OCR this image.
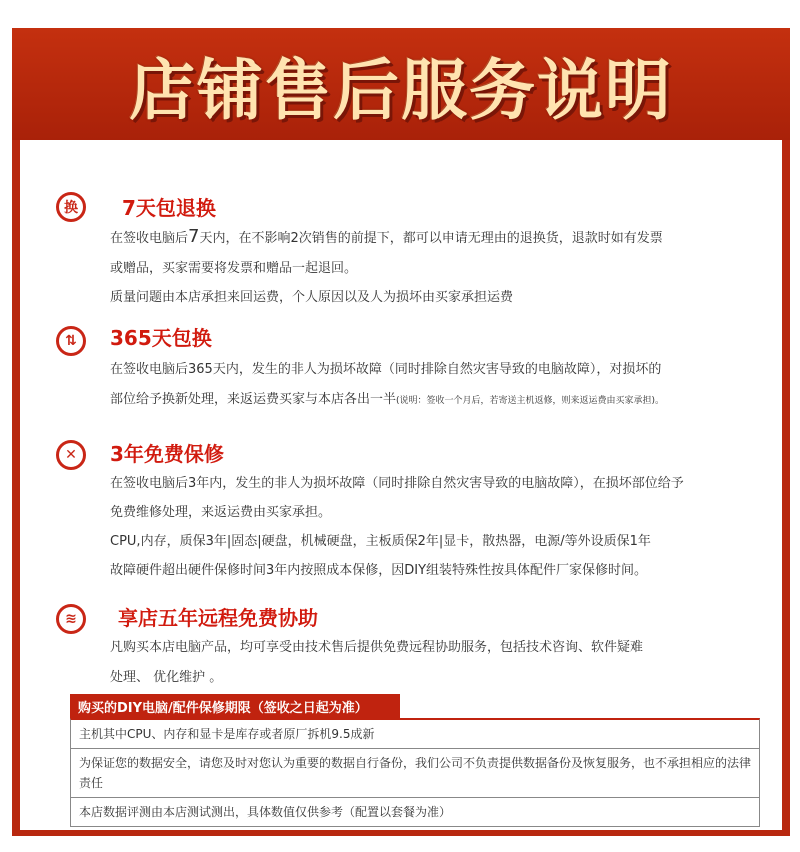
店铺售后服务说明
换 7天包退换
在签收电脑后7天内，在不影响2次销售的前提下，都可以申请无理由的退换货，退款时如有发票
或赠品，买家需要将发票和赠品一起退回。
质量问题由本店承担来回运费，个人原因以及人为损坏由买家承担运费
⇅ 365天包换
在签收电脑后365天内，发生的非人为损坏故障（同时排除自然灾害导致的电脑故障），对损坏的
部位给予换新处理，来返运费买家与本店各出一半(说明：签收一个月后，若寄送主机返修，则来返运费由买家承担)。
✕ 3年免费保修
在签收电脑后3年内，发生的非人为损坏故障（同时排除自然灾害导致的电脑故障），在损坏部位给予
免费维修处理，来返运费由买家承担。
CPU,内存，质保3年|固态|硬盘，机械硬盘，主板质保2年|显卡，散热器，电源/等外设质保1年
故障硬件超出硬件保修时间3年内按照成本保修，因DIY组装特殊性按具体配件厂家保修时间。
≋ 享店五年远程免费协助
凡购买本店电脑产品，均可享受由技术售后提供免费远程协助服务，包括技术咨询、软件疑难
处理、 优化维护 。
购买的DIY电脑/配件保修期限（签收之日起为准）
主机其中CPU、内存和显卡是库存或者原厂拆机9.5成新
为保证您的数据安全，请您及时对您认为重要的数据自行备份，我们公司不负责提供数据备份及恢复服务，也不承担相应的法律责任
本店数据评测由本店测试测出，具体数值仅供参考（配置以套餐为准）
